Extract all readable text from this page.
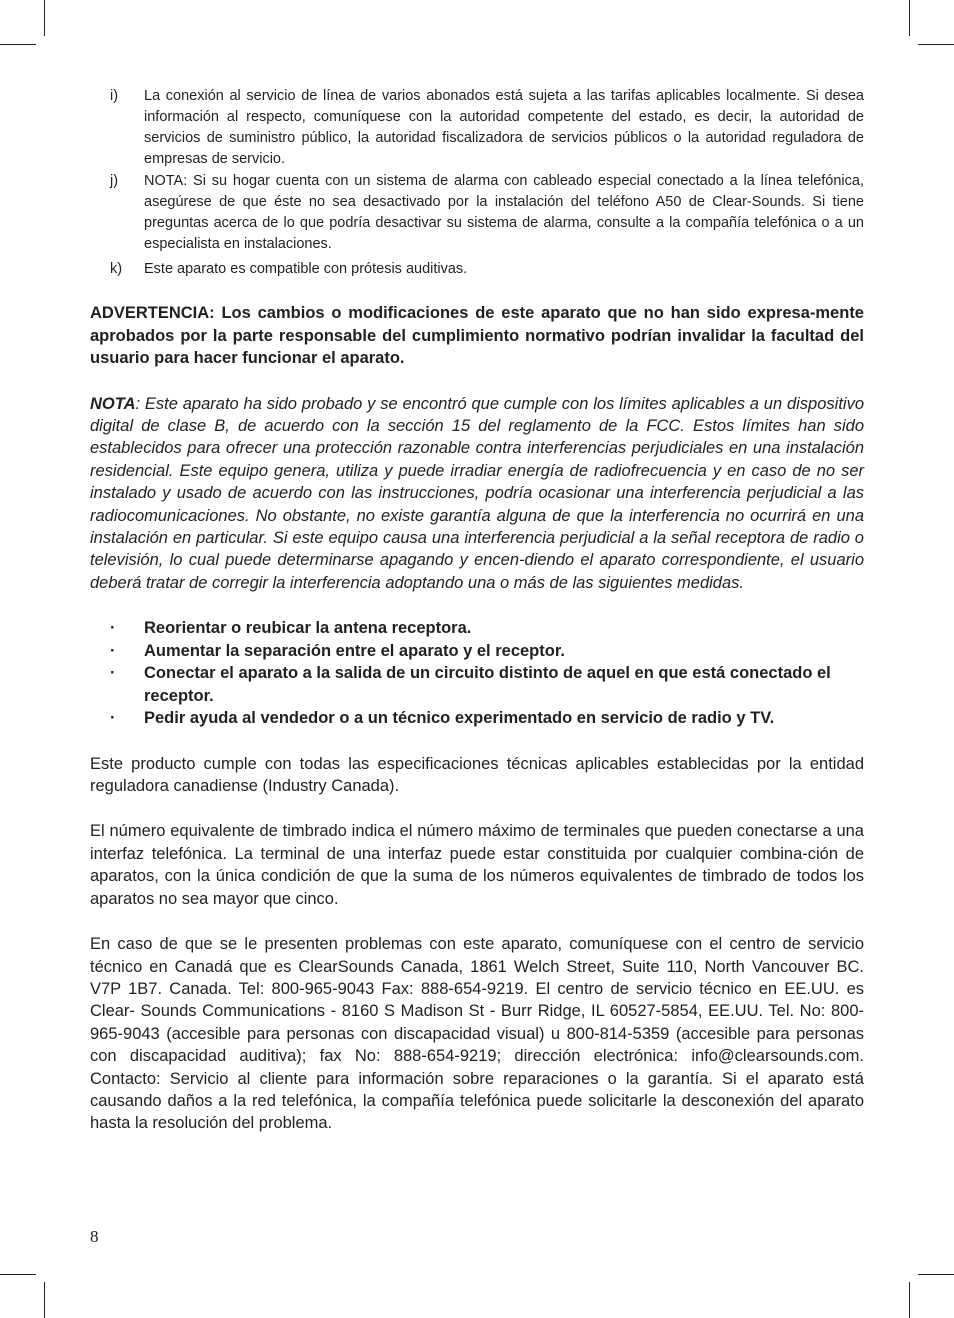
i)	La conexión al servicio de línea de varios abonados está sujeta a las tarifas aplicables localmente. Si desea información al respecto, comuníquese con la autoridad competente del estado, es decir, la autoridad de servicios de suministro público, la autoridad fiscalizadora de servicios públicos o la autoridad reguladora de empresas de servicio.
j)	NOTA: Si su hogar cuenta con un sistema de alarma con cableado especial conectado a la línea telefónica, asegúrese de que éste no sea desactivado por la instalación del teléfono A50 de Clear-Sounds. Si tiene preguntas acerca de lo que podría desactivar su sistema de alarma, consulte a la compañía telefónica o a un especialista en instalaciones.
k)	Este aparato es compatible con prótesis auditivas.

ADVERTENCIA: Los cambios o modificaciones de este aparato que no han sido expresa-mente aprobados por la parte responsable del cumplimiento normativo podrían invalidar la facultad del usuario para hacer funcionar el aparato.

NOTA: Este aparato ha sido probado y se encontró que cumple con los límites aplicables a un dispositivo digital de clase B, de acuerdo con la sección 15 del reglamento de la FCC. Estos límites han sido establecidos para ofrecer una protección razonable contra interferencias perjudiciales en una instalación residencial. Este equipo genera, utiliza y puede irradiar energía de radiofrecuencia y en caso de no ser instalado y usado de acuerdo con las instrucciones, podría ocasionar una interferencia perjudicial a las radiocomunicaciones. No obstante, no existe garantía alguna de que la interferencia no ocurrirá en una instalación en particular. Si este equipo causa una interferencia perjudicial a la señal receptora de radio o televisión, lo cual puede determinarse apagando y encen-diendo el aparato correspondiente, el usuario deberá tratar de corregir la interferencia adoptando una o más de las siguientes medidas.

·	Reorientar o reubicar la antena receptora.
·	Aumentar la separación entre el aparato y el receptor.
·	Conectar el aparato a la salida de un circuito distinto de aquel en que está conectado el receptor.
·	Pedir ayuda al vendedor o a un técnico experimentado en servicio de radio y TV.

Este producto cumple con todas las especificaciones técnicas aplicables establecidas por la entidad reguladora canadiense (Industry Canada).

El número equivalente de timbrado indica el número máximo de terminales que pueden conectarse a una interfaz telefónica. La terminal de una interfaz puede estar constituida por cualquier combina-ción de aparatos, con la única condición de que la suma de los números equivalentes de timbrado de todos los aparatos no sea mayor que cinco.

En caso de que se le presenten problemas con este aparato, comuníquese con el centro de servicio técnico en Canadá que es ClearSounds Canada, 1861 Welch Street, Suite 110, North Vancouver BC. V7P 1B7. Canada. Tel: 800-965-9043 Fax: 888-654-9219. El centro de servicio técnico en EE.UU. es Clear- Sounds Communications - 8160 S Madison St - Burr Ridge, IL 60527-5854, EE.UU. Tel. No: 800-965-9043 (accesible para personas con discapacidad visual) u 800-814-5359 (accesible para personas con discapacidad auditiva); fax No: 888-654-9219; dirección electrónica: info@clearsounds.com. Contacto: Servicio al cliente para información sobre reparaciones o la garantía. Si el aparato está causando daños a la red telefónica, la compañía telefónica puede solicitarle la desconexión del aparato hasta la resolución del problema.

8
